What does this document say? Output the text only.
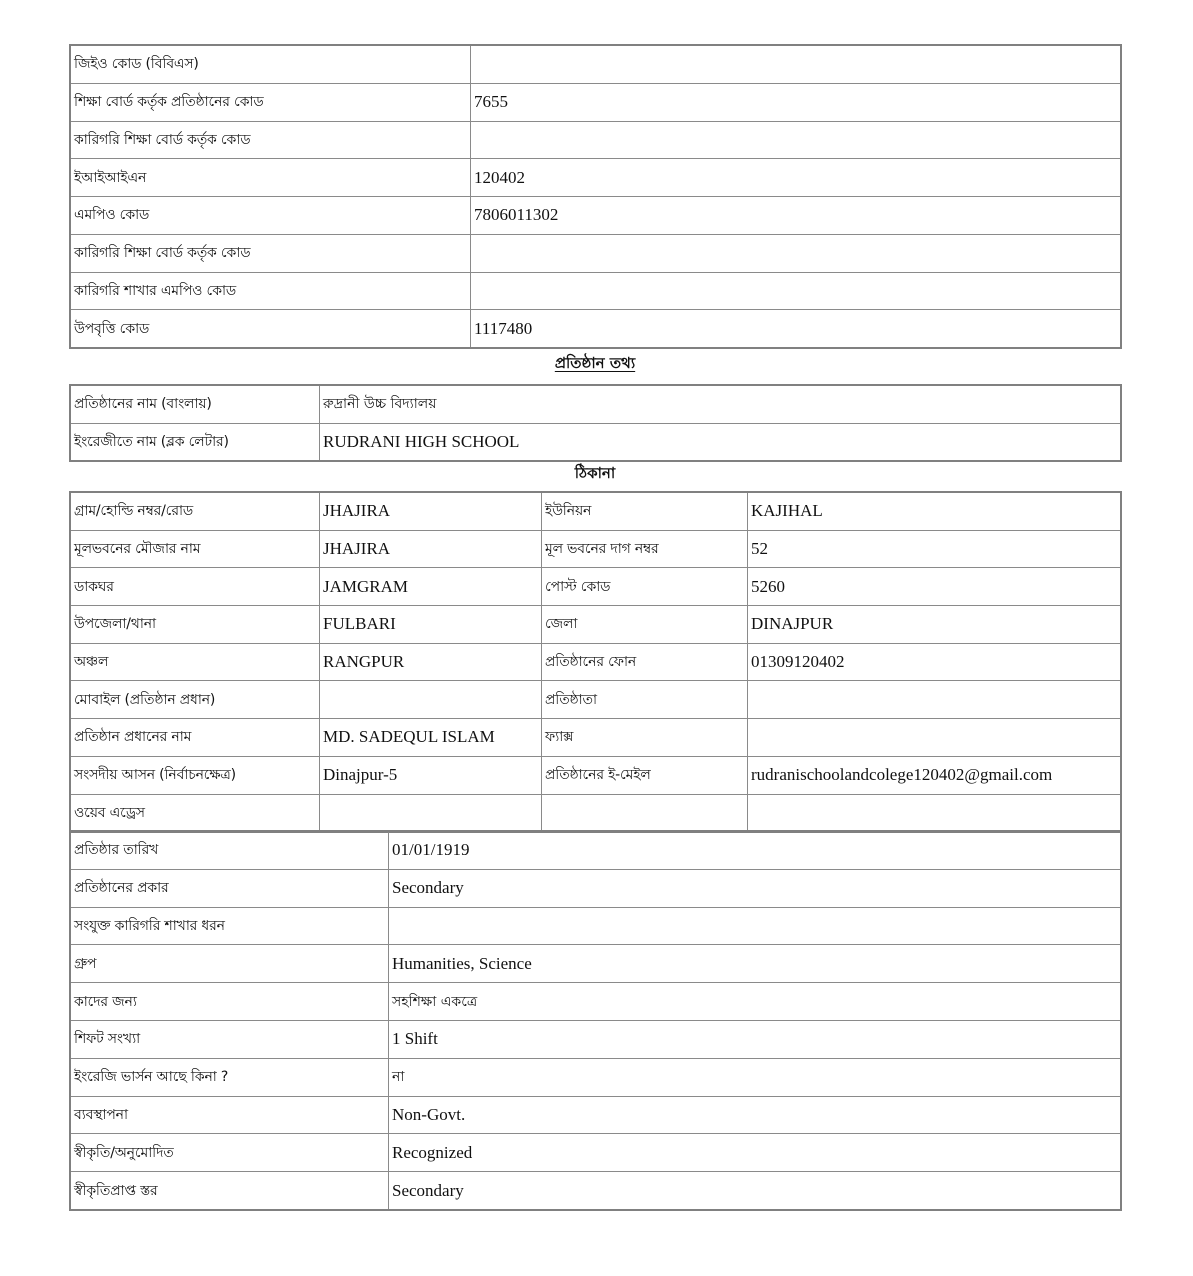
জিইও কোড (বিবিএস)	
শিক্ষা বোর্ড কর্তৃক প্রতিষ্ঠানের কোড	7655
কারিগরি শিক্ষা বোর্ড কর্তৃক কোড	
ইআইআইএন	120402
এমপিও কোড	7806011302
কারিগরি শিক্ষা বোর্ড কর্তৃক কোড	
কারিগরি শাখার এমপিও কোড	
উপবৃত্তি কোড	1117480
প্রতিষ্ঠান তথ্য
প্রতিষ্ঠানের নাম (বাংলায়)	রুদ্রানী উচ্চ বিদ্যালয়
ইংরেজীতে নাম (ব্লক লেটার)	RUDRANI HIGH SCHOOL
ঠিকানা
গ্রাম/হোল্ডি নম্বর/রোড	JHAJIRA	ইউনিয়ন	KAJIHAL
মূলভবনের মৌজার নাম	JHAJIRA	মূল ভবনের দাগ নম্বর	52
ডাকঘর	JAMGRAM	পোস্ট কোড	5260
উপজেলা/থানা	FULBARI	জেলা	DINAJPUR
অঞ্চল	RANGPUR	প্রতিষ্ঠানের ফোন	01309120402
মোবাইল (প্রতিষ্ঠান প্রধান)		প্রতিষ্ঠাতা	
প্রতিষ্ঠান প্রধানের নাম	MD. SADEQUL ISLAM	ফ্যাক্স	
সংসদীয় আসন (নির্বাচনক্ষেত্র)	Dinajpur-5	প্রতিষ্ঠানের ই-মেইল	rudranischoolandcolege120402@gmail.com
ওয়েব এড্রেস			
প্রতিষ্ঠার তারিখ	01/01/1919
প্রতিষ্ঠানের প্রকার	Secondary
সংযুক্ত কারিগরি শাখার ধরন	
গ্রুপ	Humanities, Science
কাদের জন্য	সহশিক্ষা একত্রে
শিফট সংখ্যা	1 Shift
ইংরেজি ভার্সন আছে কিনা ?	না
ব্যবস্থাপনা	Non-Govt.
স্বীকৃতি/অনুমোদিত	Recognized
স্বীকৃতিপ্রাপ্ত স্তর	Secondary
